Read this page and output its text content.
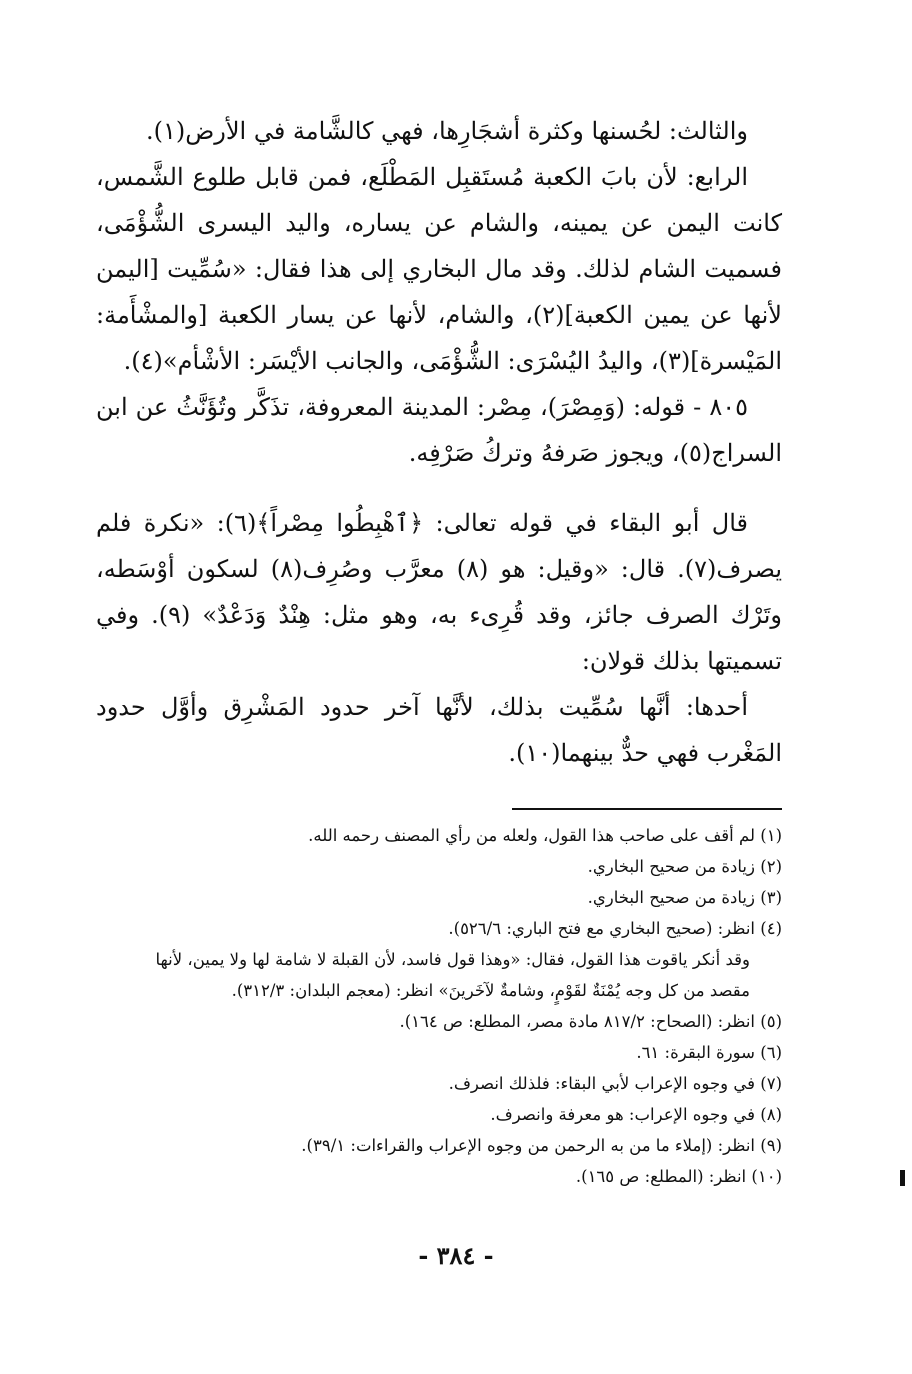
والثالث: لحُسنها وكثرة أشجَارِها، فهي كالشَّامة في الأرض(١).

الرابع: لأن بابَ الكعبة مُستَقبِل المَطْلَع، فمن قابل طلوع الشَّمس، كانت اليمن عن يمينه، والشام عن يساره، واليد اليسرى الشُّؤْمَى، فسميت الشام لذلك. وقد مال البخاري إلى هذا فقال: «سُمِّيت [اليمن لأنها عن يمين الكعبة](٢)، والشام، لأنها عن يسار الكعبة [والمشْأَمة: المَيْسرة](٣)، واليدُ اليُسْرَى: الشُّؤْمَى، والجانب الأيْسَر: الأشْأم»(٤).

٨٠٥ - قوله: (وَمِصْرَ)، مِصْر: المدينة المعروفة، تذَكَّر وتُؤَنَّثُ عن ابن السراج(٥)، ويجوز صَرفهُ وتركُ صَرْفِه.

قال أبو البقاء في قوله تعالى: ﴿ٱهْبِطُوا مِصْراً﴾(٦): «نكرة فلم يصرف(٧). قال: «وقيل: هو (٨) معرَّب وصُرِف(٨) لسكون أوْسَطه، وتَرْك الصرف جائز، وقد قُرِىء به، وهو مثل: هِنْدٌ وَدَعْدٌ» (٩). وفي تسميتها بذلك قولان:

أحدها: أنَّها سُمِّيت بذلك، لأنَّها آخر حدود المَشْرِق وأوَّل حدود المَغْرب فهي حدٌّ بينهما(١٠).

(١) لم أقف على صاحب هذا القول، ولعله من رأي المصنف رحمه الله.

(٢) زيادة من صحيح البخاري.

(٣) زيادة من صحيح البخاري.

(٤) انظر: (صحيح البخاري مع فتح الباري: ٥٢٦/٦).

وقد أنكر ياقوت هذا القول، فقال: «وهذا قول فاسد، لأن القبلة لا شامة لها ولا يمين، لأنها

مقصد من كل وجه يُمْنَةٌ لقَوْمٍ، وشامةٌ لآخَرينَ» انظر: (معجم البلدان: ٣١٢/٣).

(٥) انظر: (الصحاح: ٨١٧/٢ مادة مصر، المطلع: ص ١٦٤).

(٦) سورة البقرة: ٦١.

(٧) في وجوه الإعراب لأبي البقاء: فلذلك انصرف.

(٨) في وجوه الإعراب: هو معرفة وانصرف.

(٩) انظر: (إملاء ما من به الرحمن من وجوه الإعراب والقراءات: ٣٩/١).

(١٠) انظر: (المطلع: ص ١٦٥).

- ٣٨٤ -
